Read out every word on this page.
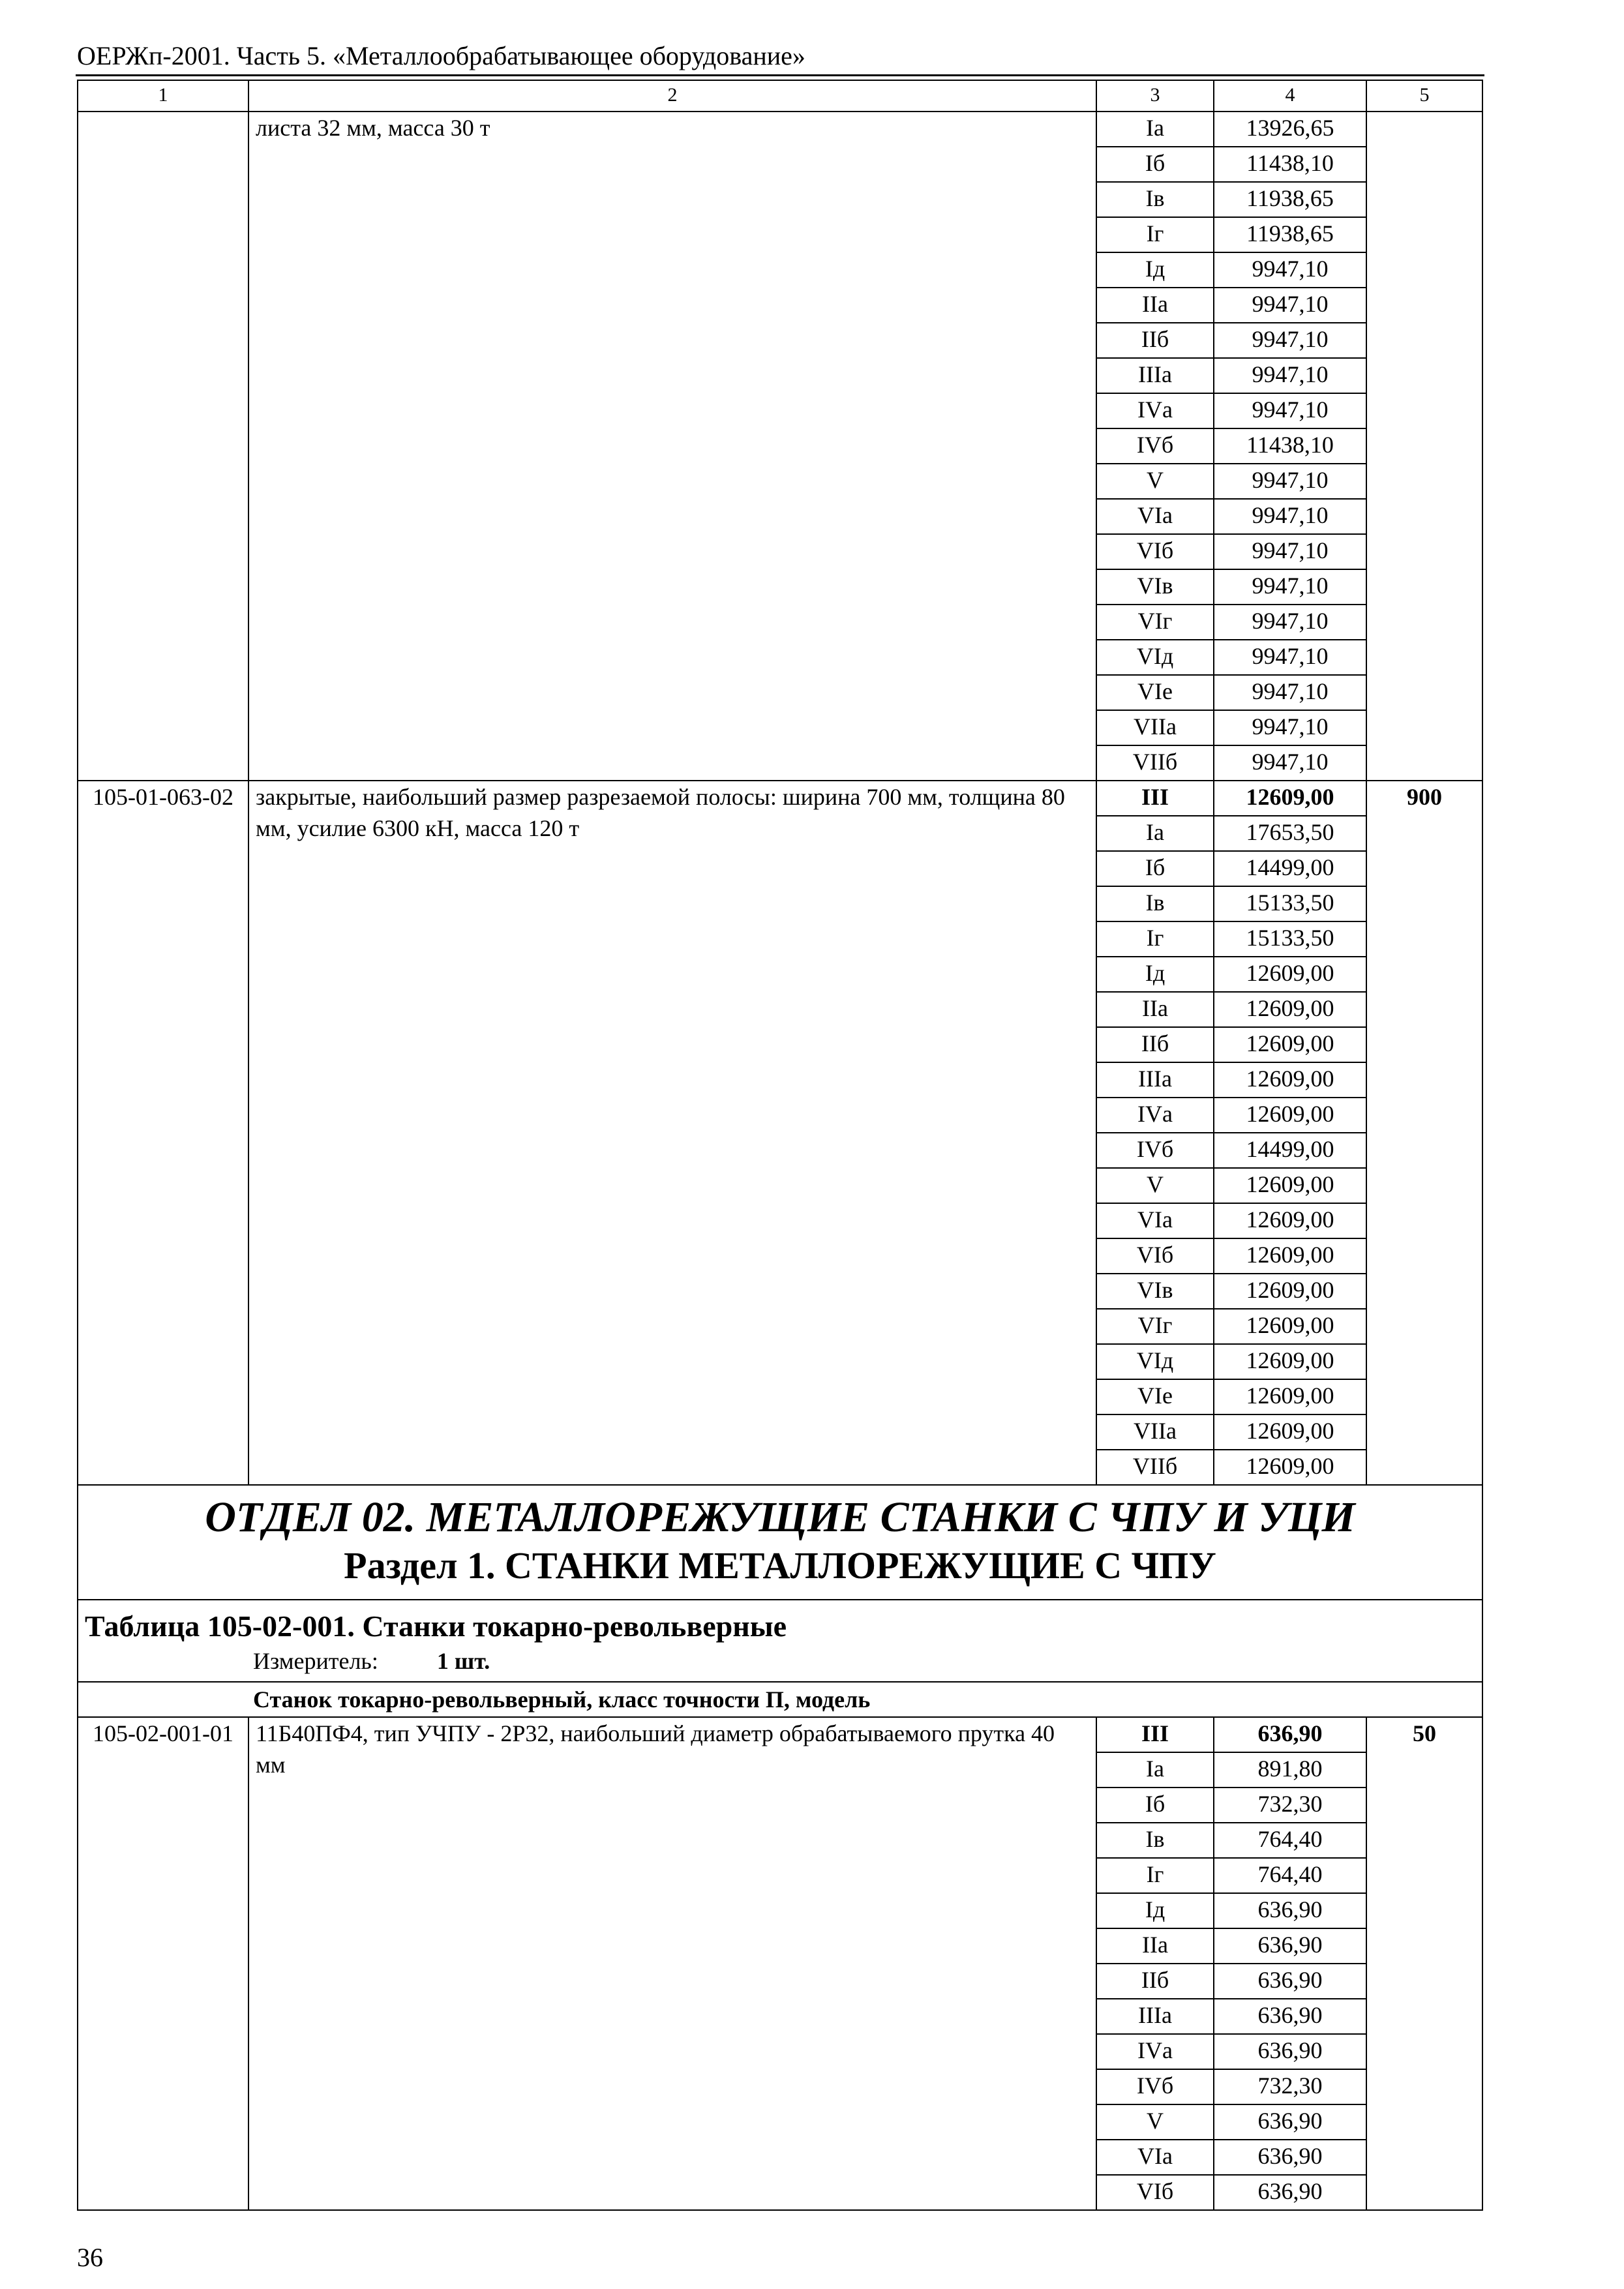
ОЕРЖп-2001. Часть 5. «Металлообрабатывающее оборудование»
1	2	3	4	5
	листа 32 мм, масса 30 т	Iа	13926,65	
		Iб	11438,10	
		Iв	11938,65	
		Iг	11938,65	
		Iд	9947,10	
		IIа	9947,10	
		IIб	9947,10	
		IIIа	9947,10	
		IVа	9947,10	
		IVб	11438,10	
		V	9947,10	
		VIа	9947,10	
		VIб	9947,10	
		VIв	9947,10	
		VIг	9947,10	
		VIд	9947,10	
		VIе	9947,10	
		VIIа	9947,10	
		VIIб	9947,10	
105-01-063-02	закрытые, наибольший размер разрезаемой полосы: ширина 700 мм, толщина 80 мм, усилие 6300 кН, масса 120 т	III	12609,00	900
		Iа	17653,50	
		Iб	14499,00	
		Iв	15133,50	
		Iг	15133,50	
		Iд	12609,00	
		IIа	12609,00	
		IIб	12609,00	
		IIIа	12609,00	
		IVа	12609,00	
		IVб	14499,00	
		V	12609,00	
		VIа	12609,00	
		VIб	12609,00	
		VIв	12609,00	
		VIг	12609,00	
		VIд	12609,00	
		VIе	12609,00	
		VIIа	12609,00	
		VIIб	12609,00	

ОТДЕЛ 02. МЕТАЛЛОРЕЖУЩИЕ СТАНКИ С ЧПУ И УЦИ
Раздел 1. СТАНКИ МЕТАЛЛОРЕЖУЩИЕ С ЧПУ				

Таблица 105-02-001. Станки токарно-револьверные
Измеритель: 1 шт.				

Станок токарно-револьверный, класс точности П, модель				
105-02-001-01	11Б40ПФ4, тип УЧПУ - 2Р32, наибольший диаметр обрабатываемого прутка 40 мм	III	636,90	50
		Iа	891,80	
		Iб	732,30	
		Iв	764,40	
		Iг	764,40	
		Iд	636,90	
		IIа	636,90	
		IIб	636,90	
		IIIа	636,90	
		IVа	636,90	
		IVб	732,30	
		V	636,90	
		VIа	636,90	
		VIб	636,90	
36
